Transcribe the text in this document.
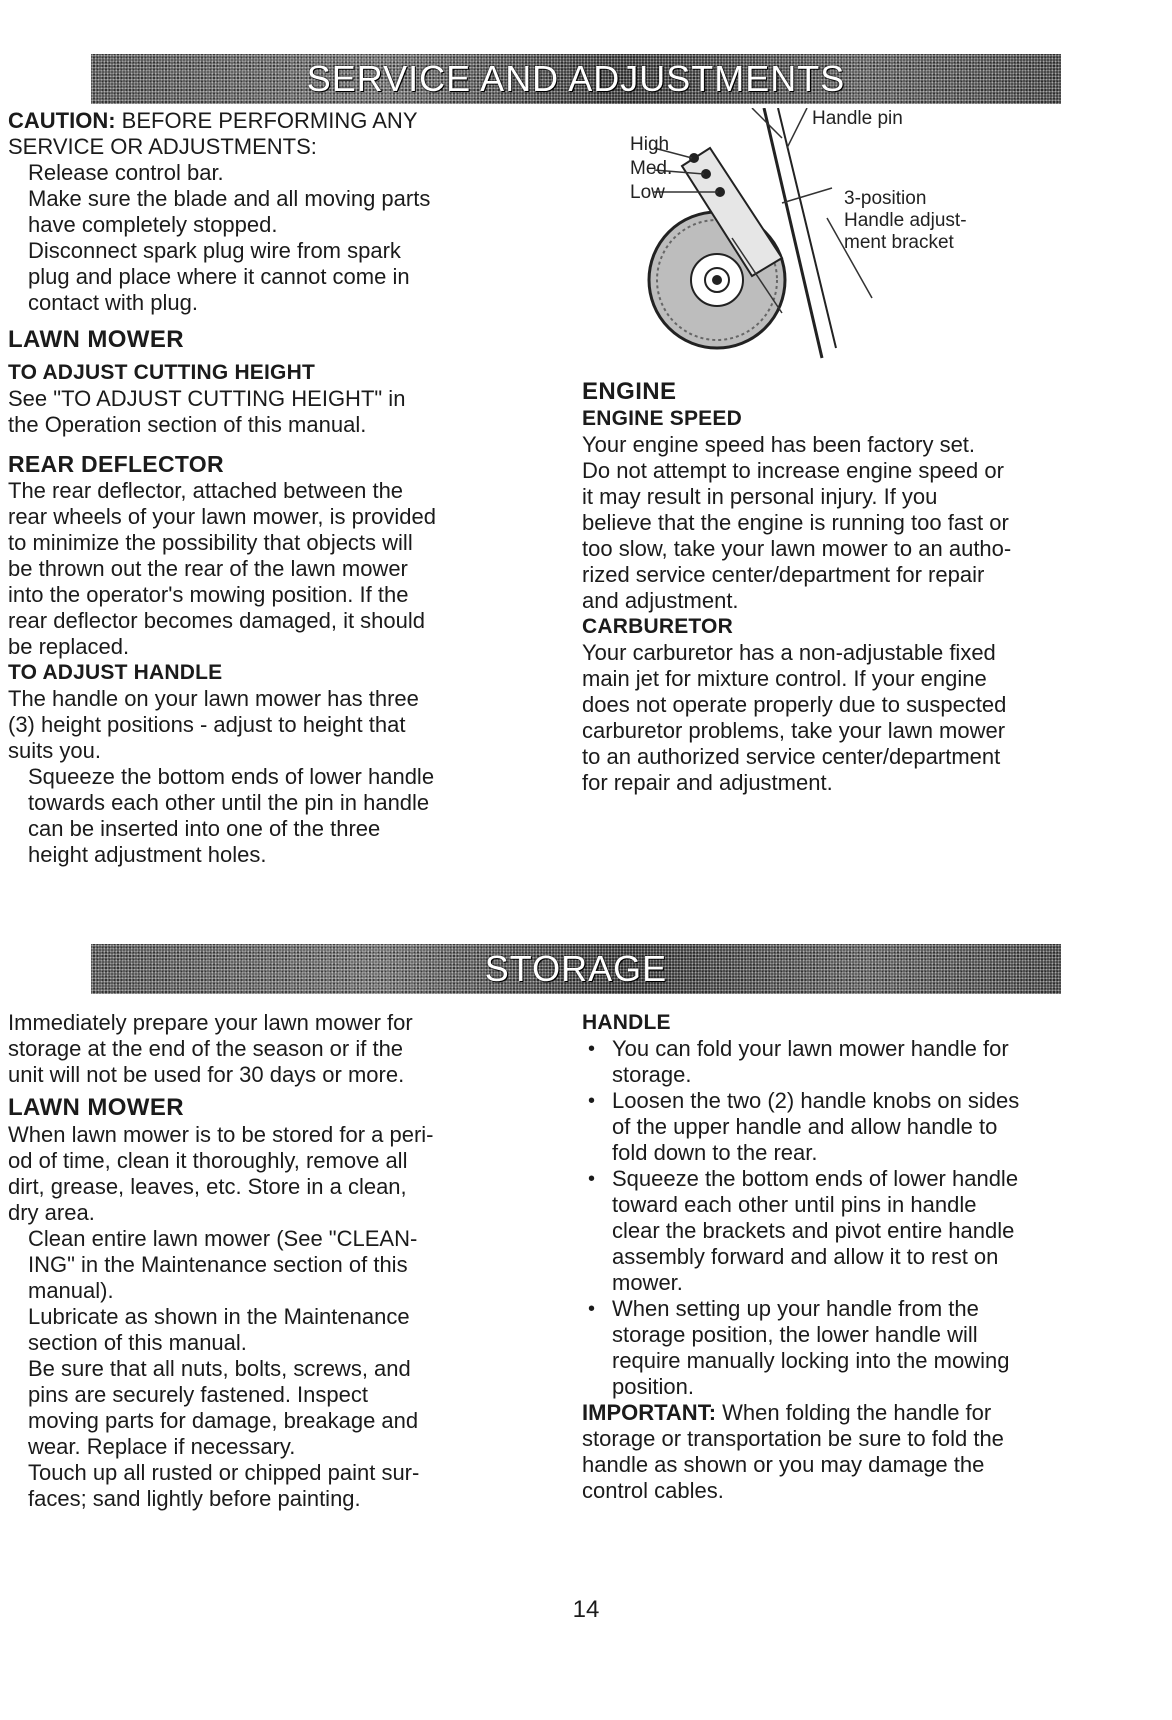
SERVICE AND ADJUSTMENTS

CAUTION: BEFORE PERFORMING ANY

SERVICE OR ADJUSTMENTS:

Release control bar.

Make sure the blade and all moving parts

have completely stopped.

Disconnect spark plug wire from spark

plug and place where it cannot come in

contact with plug.

LAWN MOWER
TO ADJUST CUTTING HEIGHT

See "TO ADJUST CUTTING HEIGHT" in

the Operation section of this manual.

REAR DEFLECTOR

The rear deflector, attached between the

rear wheels of your lawn mower, is provided

to minimize the possibility that objects will

be thrown out the rear of the lawn mower

into the operator's mowing position. If the

rear deflector becomes damaged, it should

be replaced.

TO ADJUST HANDLE

The handle on your lawn mower has three

(3) height positions - adjust to height that

suits you.

Squeeze the bottom ends of lower handle

towards each other until the pin in handle

can be inserted into one of the three

height adjustment holes.

High
Med.
Low
Handle pin
3-position
Handle adjust-
ment bracket
ENGINE
ENGINE SPEED

Your engine speed has been factory set.

Do not attempt to increase engine speed or

it may result in personal injury. If you

believe that the engine is running too fast or

too slow, take your lawn mower to an autho-

rized service center/department for repair

and adjustment.

CARBURETOR

Your carburetor has a non-adjustable fixed

main jet for mixture control. If your engine

does not operate properly due to suspected

carburetor problems, take your lawn mower

to an authorized service center/department

for repair and adjustment.

STORAGE

Immediately prepare your lawn mower for

storage at the end of the season or if the

unit will not be used for 30 days or more.

LAWN MOWER

When lawn mower is to be stored for a peri-

od of time, clean it thoroughly, remove all

dirt, grease, leaves, etc. Store in a clean,

dry area.

Clean entire lawn mower (See "CLEAN-

ING" in the Maintenance section of this

manual).

Lubricate as shown in the Maintenance

section of this manual.

Be sure that all nuts, bolts, screws, and

pins are securely fastened. Inspect

moving parts for damage, breakage and

wear. Replace if necessary.

Touch up all rusted or chipped paint sur-

faces; sand lightly before painting.

HANDLE

• You can fold your lawn mower handle for

storage.

• Loosen the two (2) handle knobs on sides

of the upper handle and allow handle to

fold down to the rear.

• Squeeze the bottom ends of lower handle

toward each other until pins in handle

clear the brackets and pivot entire handle

assembly forward and allow it to rest on

mower.

• When setting up your handle from the

storage position, the lower handle will

require manually locking into the mowing

position.

IMPORTANT: When folding the handle for

storage or transportation be sure to fold the

handle as shown or you may damage the

control cables.

14
